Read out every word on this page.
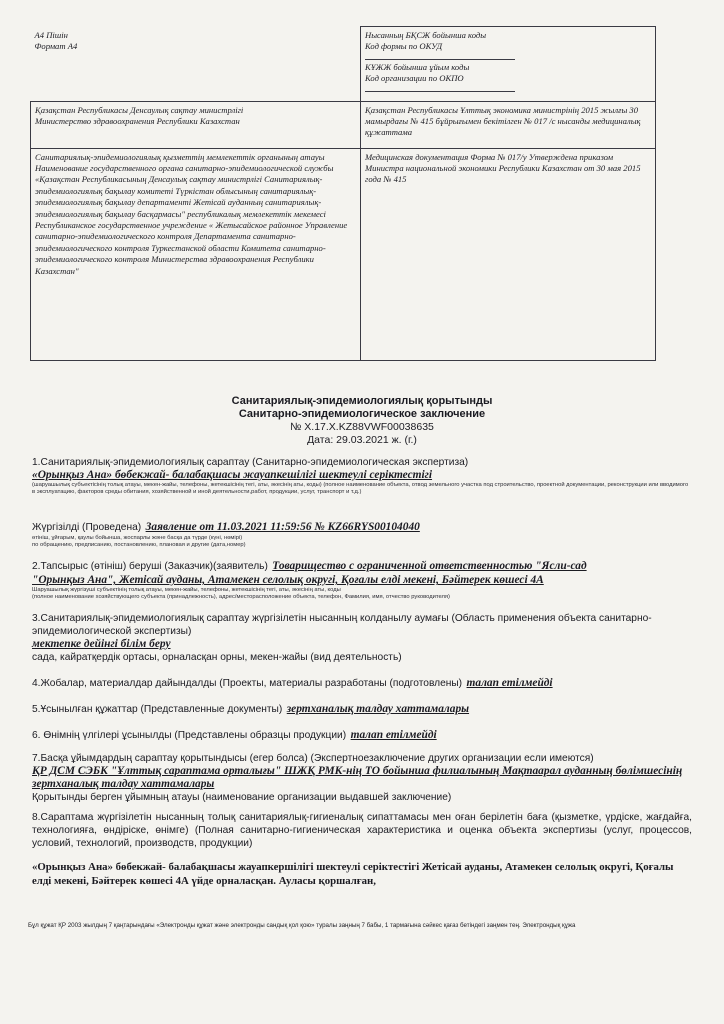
А4 Пішін
Формат А4	Нысанның БҚСЖ бойынша коды
Код формы по ОКУД
КҰЖЖ бойынша ұйым коды
Код организации по ОКПО

Қазақстан Республикасы Денсаулық сақтау министрлігі
Министерство здравоохранения Республики Казахстан	Қазақстан Республикасы Ұлттық экономика министрінің 2015 жылғы 30 мамырдағы № 415 бұйрығымен бекітілген № 017 /с нысанды медициналық құжаттама
Санитариялық-эпидемиологиялық қызметтің мемлекеттік органының атауы Наименование государственного органа санитарно-эпидемиологической службы «Қазақстан Республикасының Денсаулық сақтау министрлігі Санитариялық-эпидемиологиялық бақылау комитеті Түркістан облысының санитариялық-эпидемиологиялық бақылау департаменті Жетісай ауданның санитариялық-эпидемиологиялық бақылау басқармасы" республикалық мемлекеттік мекемесі Республиканское государственное учреждение « Жетысайское районное Управление санитарно-эпидемиологического контроля Департамента санитарно-эпидемиологического контроля Туркестанской области Комитета санитарно-эпидемиологического контроля Министерства здравоохранения Республики Казахстан"	Медицинская документация Форма № 017/у Утверждена приказом Министра национальной экономики Республики Казахстан от 30 мая 2015 года № 415
Санитариялық-эпидемиологиялық қорытынды
Санитарно-эпидемиологическое заключение
№ X.17.X.KZ88VWF00038635
Дата: 29.03.2021 ж. (г.)
1.Санитариялық-эпидемиологиялық сараптау (Санитарно-эпидемиологическая экспертиза)
«Орынқыз Ана» бөбекжай- балабақшасы жауапкешілігі шектеулі серіктестігі
(шаруашылық субъектісінің толық атауы, мекен-жайы, телефоны, жетекшісінің тегі, аты, әкесінің аты, коды) (полное наименование объекта, отвод земельного участка под строительство, проектной документации, реконструкции или вводимого в эксплуатацию, факторов среды обитания, хозяйственной и иной деятельности,работ, продукции, услуг, транспорт и т.д.)
Жүргізілді (Проведена) Заявление от 11.03.2021 11:59:56 № KZ66RYS00104040
өтініш, ұйғарым, қаулы бойынша, жоспарлы және басқа да түрде (күні, нөмірі)
по обращению, предписанию, постановлению, плановая и другие (дата,номер)
2.Тапсырыс (өтініш) беруші (Заказчик)(заявитель) Товарищество с ограниченной ответственностью "Ясли-сад
"Орынқыз Ана", Жетісай ауданы, Атамекен селолық округі, Қоғалы елді мекені, Бәйтерек көшесі 4А
Шаруашылық жүргізуші субъектінің толық атауы, мекен-жайы, телефоны, жетекшісінің тегі, аты, әкесінің аты, коды
(полное наименование хозяйствующего субъекта (принадлежность), адрес/месторасположение объекта, телефон, Фамилия, имя, отчество руководителя)
3.Санитариялық-эпидемиологиялық сараптау жүргізілетін нысанның колданылу аумағы (Область применения объекта санитарно-эпидемиологической экспертизы)
мектепке дейінгі білім беру
сада, кайратқердік ортасы, орналасқан орны, мекен-жайы (вид деятельность)
4.Жобалар, материалдар дайындалды (Проекты, материалы разработаны (подготовлены) талап етілмейді
5.Ұсынылған құжаттар (Представленные документы) зертханалық талдау хаттамалары
6. Өнімнің үлгілері ұсынылды (Представлены образцы продукции) талап етілмейді
7.Басқа ұйымдардың сараптау қорытындысы (егер болса) (Экспертноезаключение других организации если имеются)
ҚР ДСМ СЭБК "Ұлттық сараптама орталығы" ШЖҚ РМК-нің ТО бойынша филиалының Мақтаарал ауданның бөлімшесінің зертханалық талдау хаттамалары
Қорытынды берген ұйымның атауы (наименование организации выдавшей заключение)
8.Сараптама жүргізілетін нысанның толық санитариялық-гигиеналық сипаттамасы мен оған берілетін баға (қызметке, үрдіске, жағдайға, технологияға, өндіріске, өнімге) (Полная санитарно-гигиеническая характеристика и оценка объекта экспертизы (услуг, процессов, условий, технологий, производств, продукции)
«Орынқыз Ана» бөбекжай- балабақшасы жауапкершілігі шектеулі серіктестігі Жетісай ауданы, Атамекен селолық округі, Қоғалы елді мекені, Бәйтерек көшесі 4А үйде орналасқан. Ауласы қоршалған,
Бұл құжат ҚР 2003 жылдың 7 қаңтарындағы «Электронды құжат және электронды сандық қол қою» туралы заңның 7 бабы, 1 тармағына сәйкес қағаз бетіндегі заңмен тең. Электрондық құжа
